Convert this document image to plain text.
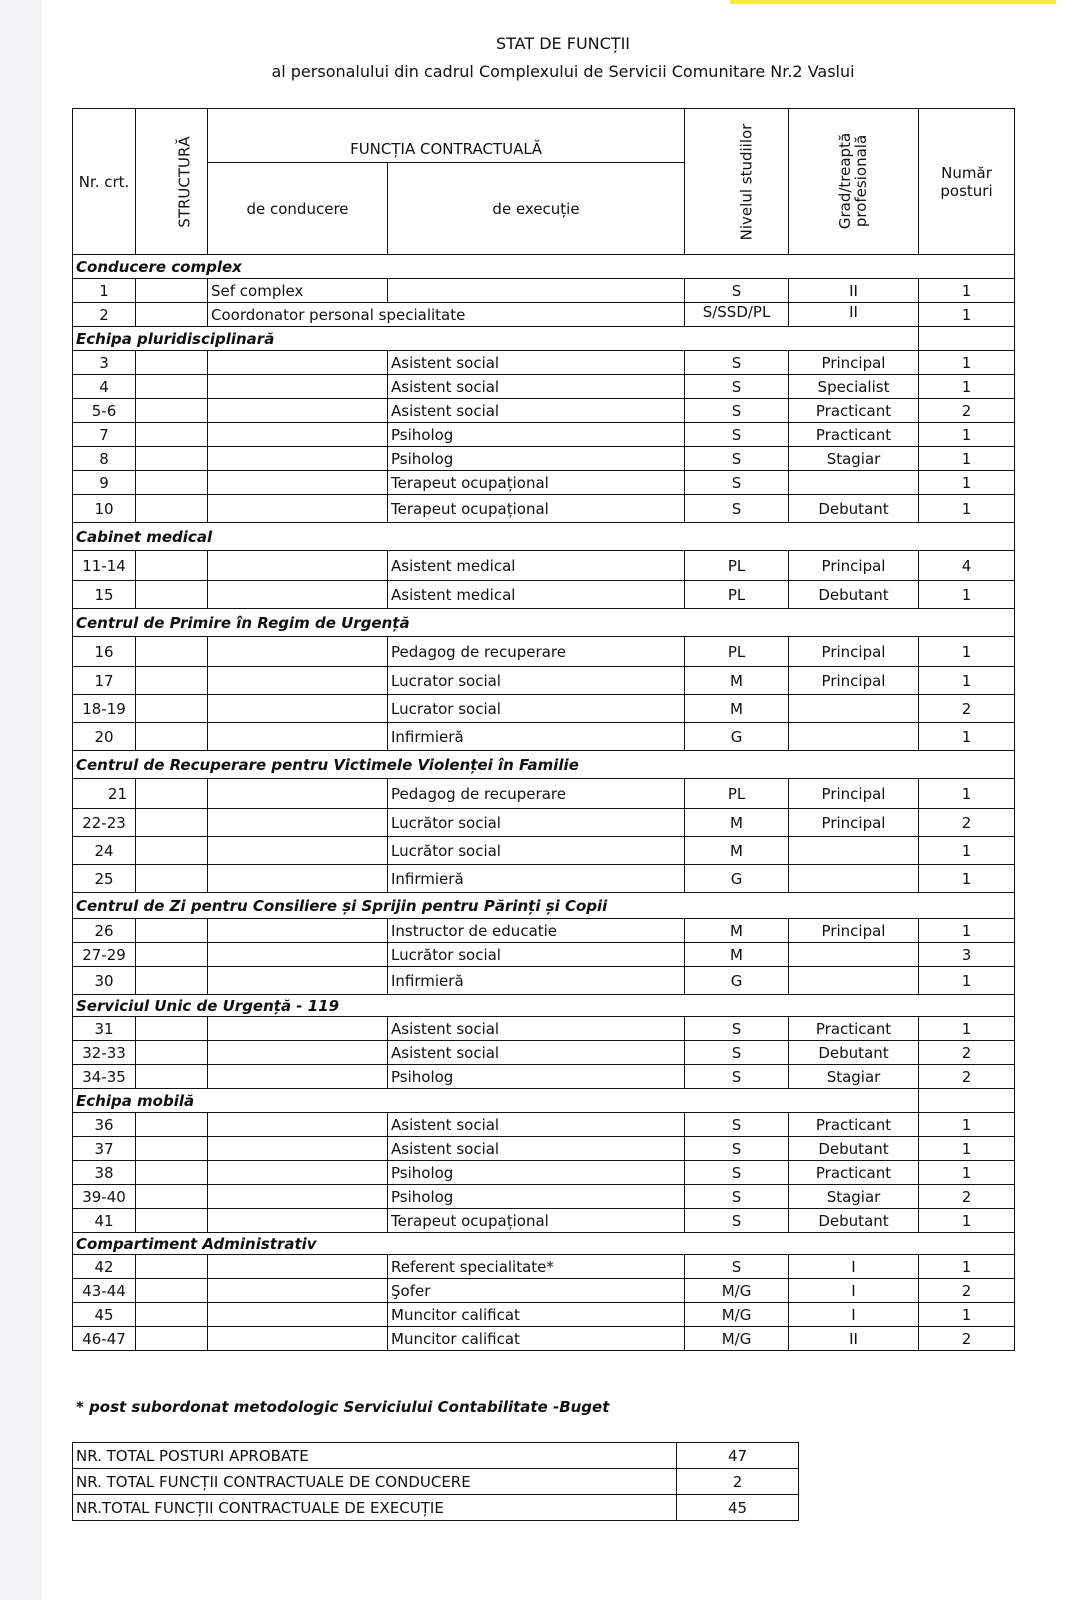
STAT DE FUNCȚII
al personalului din cadrul Complexului de Servicii Comunitare Nr.2 Vaslui
Nr. crt.	STRUCTURĂ	FUNCȚIA CONTRACTUALĂ		Nivelul studiilor	Grad/treaptă
profesională	Număr posturi
		de conducere	de execuție			
Conducere complex						
1		Sef complex		S	II	1
2		Coordonator personal specialitate		S/SSD/PL	II	1
Echipa pluridisciplinară						
3			Asistent social	S	Principal	1
4			Asistent social	S	Specialist	1
5-6			Asistent social	S	Practicant	2
7			Psiholog	S	Practicant	1
8			Psiholog	S	Stagiar	1
9			Terapeut ocupațional	S		1
10			Terapeut ocupațional	S	Debutant	1
Cabinet medical						
11-14			Asistent medical	PL	Principal	4
15			Asistent medical	PL	Debutant	1
Centrul de Primire în Regim de Urgență						
16			Pedagog de recuperare	PL	Principal	1
17			Lucrator social	M	Principal	1
18-19			Lucrator social	M		2
20			Infirmieră	G		1
Centrul de Recuperare pentru Victimele Violenței în Familie						
21			Pedagog de recuperare	PL	Principal	1
22-23			Lucrător social	M	Principal	2
24			Lucrător social	M		1
25			Infirmieră	G		1
Centrul de Zi pentru Consiliere și Sprijin pentru Părinți și Copii						
26			Instructor de educatie	M	Principal	1
27-29			Lucrător social	M		3
30			Infirmieră	G		1
Serviciul Unic de Urgență - 119						
31			Asistent social	S	Practicant	1
32-33			Asistent social	S	Debutant	2
34-35			Psiholog	S	Stagiar	2
Echipa mobilă						
36			Asistent social	S	Practicant	1
37			Asistent social	S	Debutant	1
38			Psiholog	S	Practicant	1
39-40			Psiholog	S	Stagiar	2
41			Terapeut ocupațional	S	Debutant	1
Compartiment Administrativ						
42			Referent specialitate*	S	I	1
43-44			Şofer	M/G	I	2
45			Muncitor calificat	M/G	I	1
46-47			Muncitor calificat	M/G	II	2
* post subordonat metodologic Serviciului Contabilitate -Buget
NR. TOTAL POSTURI APROBATE	47
NR. TOTAL FUNCȚII CONTRACTUALE DE CONDUCERE	2
NR.TOTAL FUNCȚII CONTRACTUALE DE EXECUȚIE	45
